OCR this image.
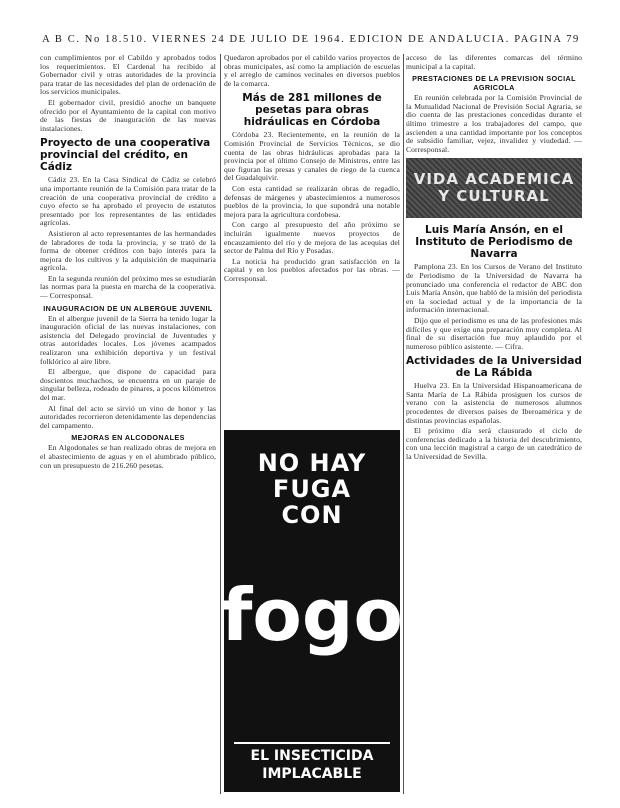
A B C. No 18.510. VIERNES 24 DE JULIO DE 1964. EDICION DE ANDALUCIA. PAGINA 79

con cumplimientos por el Cabildo y aprobados todos los requerimientos. El Cardenal ha recibido al Gobernador civil y otras autoridades de la provincia para tratar de las necesidades del plan de ordenación de los servicios municipales.

El gobernador civil, presidió anoche un banquete ofrecido por el Ayuntamiento de la capital con motivo de las fiestas de inauguración de las nuevas instalaciones.

Proyecto de una cooperativa provincial del crédito, en Cádiz

Cádiz 23. En la Casa Sindical de Cádiz se celebró una importante reunión de la Comisión para tratar de la creación de una cooperativa provincial de crédito a cuyo efecto se ha aprobado el proyecto de estatutos presentado por los representantes de las entidades agrícolas.

Asistieron al acto representantes de las hermandades de labradores de toda la provincia, y se trató de la forma de obtener créditos con bajo interés para la mejora de los cultivos y la adquisición de maquinaria agrícola.

En la segunda reunión del próximo mes se estudiarán las normas para la puesta en marcha de la cooperativa. — Corresponsal.

INAUGURACION DE UN ALBERGUE JUVENIL

En el albergue juvenil de la Sierra ha tenido lugar la inauguración oficial de las nuevas instalaciones, con asistencia del Delegado provincial de Juventudes y otras autoridades locales. Los jóvenes acampados realizaron una exhibición deportiva y un festival folklórico al aire libre.

El albergue, que dispone de capacidad para doscientos muchachos, se encuentra en un paraje de singular belleza, rodeado de pinares, a pocos kilómetros del mar.

Al final del acto se sirvió un vino de honor y las autoridades recorrieron detenidamente las dependencias del campamento.

MEJORAS EN ALCODONALES

En Algodonales se han realizado obras de mejora en el abastecimiento de aguas y en el alumbrado público, con un presupuesto de 216.260 pesetas.

Quedaron aprobados por el cabildo varios proyectos de obras municipales, así como la ampliación de escuelas y el arreglo de caminos vecinales en diversos pueblos de la comarca.

Más de 281 millones de pesetas para obras hidráulicas en Córdoba

Córdoba 23. Recientemente, en la reunión de la Comisión Provincial de Servicios Técnicos, se dio cuenta de las obras hidráulicas aprobadas para la provincia por el último Consejo de Ministros, entre las que figuran las presas y canales de riego de la cuenca del Guadalquivir.

Con esta cantidad se realizarán obras de regadío, defensas de márgenes y abastecimientos a numerosos pueblos de la provincia, lo que supondrá una notable mejora para la agricultura cordobesa.

Con cargo al presupuesto del año próximo se incluirán igualmente nuevos proyectos de encauzamiento del río y de mejora de las acequias del sector de Palma del Río y Posadas.

La noticia ha producido gran satisfacción en la capital y en los pueblos afectados por las obras. — Corresponsal.

NO HAY
FUGA
CON
fogo
EL INSECTICIDA
IMPLACABLE

acceso de las diferentes comarcas del término municipal a la capital.

PRESTACIONES DE LA PREVISION SOCIAL AGRICOLA

En reunión celebrada por la Comisión Provincial de la Mutualidad Nacional de Previsión Social Agraria, se dio cuenta de las prestaciones concedidas durante el último trimestre a los trabajadores del campo, que ascienden a una cantidad importante por los conceptos de subsidio familiar, vejez, invalidez y viudedad. — Corresponsal.

VIDA ACADEMICA
Y CULTURAL
Luis María Ansón, en el Instituto de Periodismo de Navarra

Pamplona 23. En los Cursos de Verano del Instituto de Periodismo de la Universidad de Navarra ha pronunciado una conferencia el redactor de ABC don Luis María Ansón, que habló de la misión del periodista en la sociedad actual y de la importancia de la información internacional.

Dijo que el periodismo es una de las profesiones más difíciles y que exige una preparación muy completa. Al final de su disertación fue muy aplaudido por el numeroso público asistente. — Cifra.

Actividades de la Universidad de La Rábida

Huelva 23. En la Universidad Hispanoamericana de Santa María de La Rábida prosiguen los cursos de verano con la asistencia de numerosos alumnos procedentes de diversos países de Iberoamérica y de distintas provincias españolas.

El próximo día será clausurado el ciclo de conferencias dedicado a la historia del descubrimiento, con una lección magistral a cargo de un catedrático de la Universidad de Sevilla.
